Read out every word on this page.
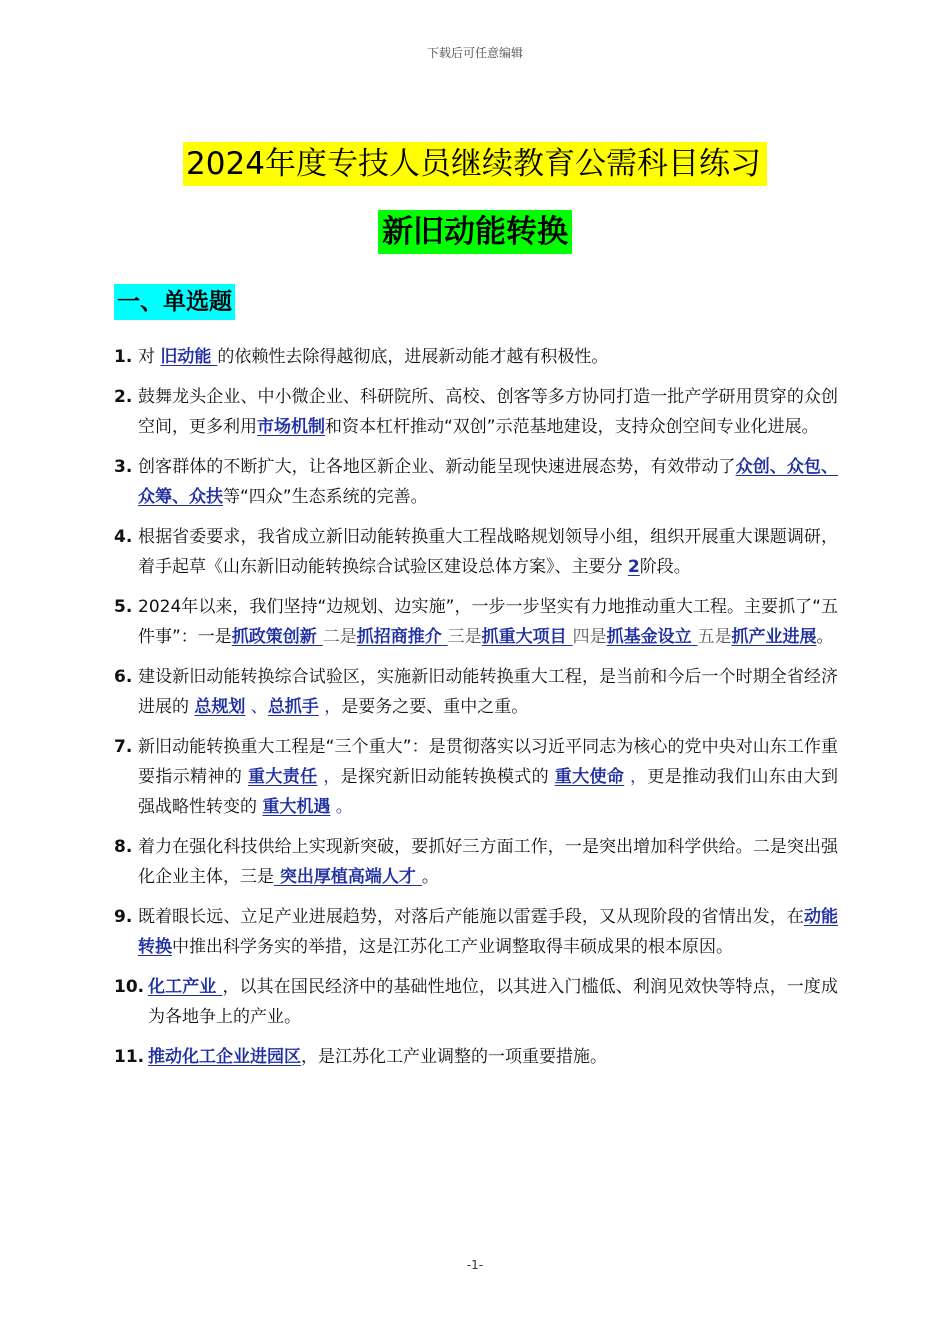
下载后可任意编辑
2024年度专技人员继续教育公需科目练习
新旧动能转换
一、单选题
1. 对 旧动能 的依赖性去除得越彻底，进展新动能才越有积极性。
2. 鼓舞龙头企业、中小微企业、科研院所、高校、创客等多方协同打造一批产学研用贯穿的众创空间，更多利用市场机制和资本杠杆推动“双创”示范基地建设，支持众创空间专业化进展。
3. 创客群体的不断扩大，让各地区新企业、新动能呈现快速进展态势，有效带动了众创、众包、众筹、众扶等“四众”生态系统的完善。
4. 根据省委要求，我省成立新旧动能转换重大工程战略规划领导小组，组织开展重大课题调研，着手起草《山东新旧动能转换综合试验区建设总体方案》、主要分 2阶段。
5. 2024年以来，我们坚持“边规划、边实施”，一步一步坚实有力地推动重大工程。主要抓了“五件事”：一是抓政策创新 二是抓招商推介 三是抓重大项目 四是抓基金设立 五是抓产业进展。
6. 建设新旧动能转换综合试验区，实施新旧动能转换重大工程，是当前和今后一个时期全省经济进展的 总规划 、总抓手 ，是要务之要、重中之重。
7. 新旧动能转换重大工程是“三个重大”：是贯彻落实以习近平同志为核心的党中央对山东工作重要指示精神的 重大责任 ，是探究新旧动能转换模式的 重大使命 ，更是推动我们山东由大到强战略性转变的 重大机遇 。
8. 着力在强化科技供给上实现新突破，要抓好三方面工作，一是突出增加科学供给。二是突出强化企业主体，三是 突出厚植高端人才 。
9. 既着眼长远、立足产业进展趋势，对落后产能施以雷霆手段，又从现阶段的省情出发，在动能转换中推出科学务实的举措，这是江苏化工产业调整取得丰硕成果的根本原因。
10. 化工产业 ，以其在国民经济中的基础性地位，以其进入门槛低、利润见效快等特点，一度成为各地争上的产业。
11. 推动化工企业进园区，是江苏化工产业调整的一项重要措施。
-1-
